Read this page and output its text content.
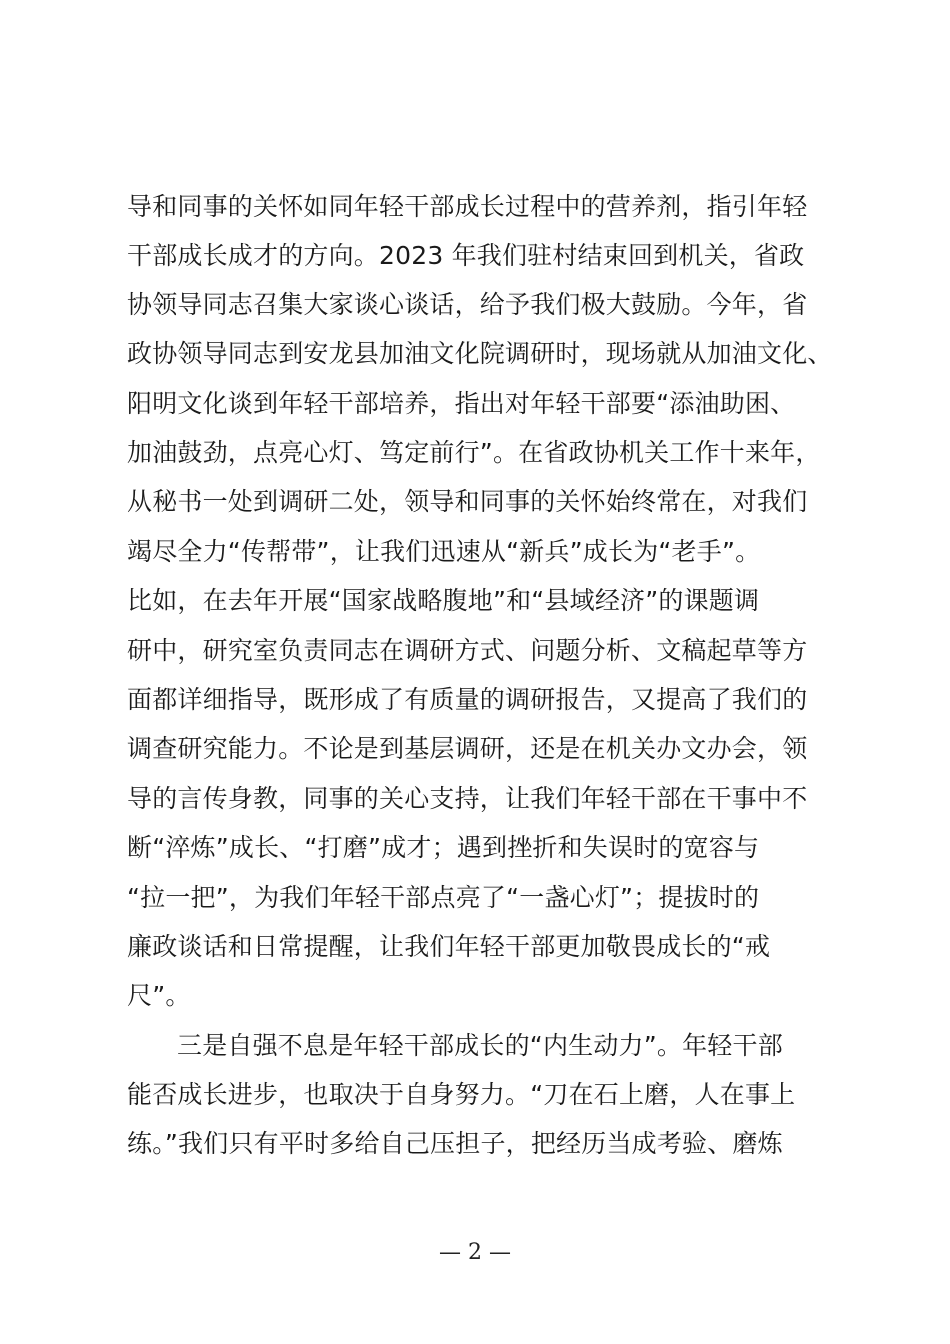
导和同事的关怀如同年轻干部成长过程中的营养剂，指引年轻
干部成长成才的方向。2023 年我们驻村结束回到机关，省政
协领导同志召集大家谈心谈话，给予我们极大鼓励。今年，省
政协领导同志到安龙县加油文化院调研时，现场就从加油文化、
阳明文化谈到年轻干部培养，指出对年轻干部要“添油助困、
加油鼓劲，点亮心灯、笃定前行”。在省政协机关工作十来年，
从秘书一处到调研二处，领导和同事的关怀始终常在，对我们
竭尽全力“传帮带”，让我们迅速从“新兵”成长为“老手”。
比如，在去年开展“国家战略腹地”和“县域经济”的课题调
研中，研究室负责同志在调研方式、问题分析、文稿起草等方
面都详细指导，既形成了有质量的调研报告，又提高了我们的
调查研究能力。不论是到基层调研，还是在机关办文办会，领
导的言传身教，同事的关心支持，让我们年轻干部在干事中不
断“淬炼”成长、“打磨”成才；遇到挫折和失误时的宽容与
“拉一把”，为我们年轻干部点亮了“一盏心灯”；提拔时的
廉政谈话和日常提醒，让我们年轻干部更加敬畏成长的“戒
尺”。
三是自强不息是年轻干部成长的“内生动力”。年轻干部
能否成长进步，也取决于自身努力。“刀在石上磨，人在事上
练。”我们只有平时多给自己压担子，把经历当成考验、磨炼
— 2 —
